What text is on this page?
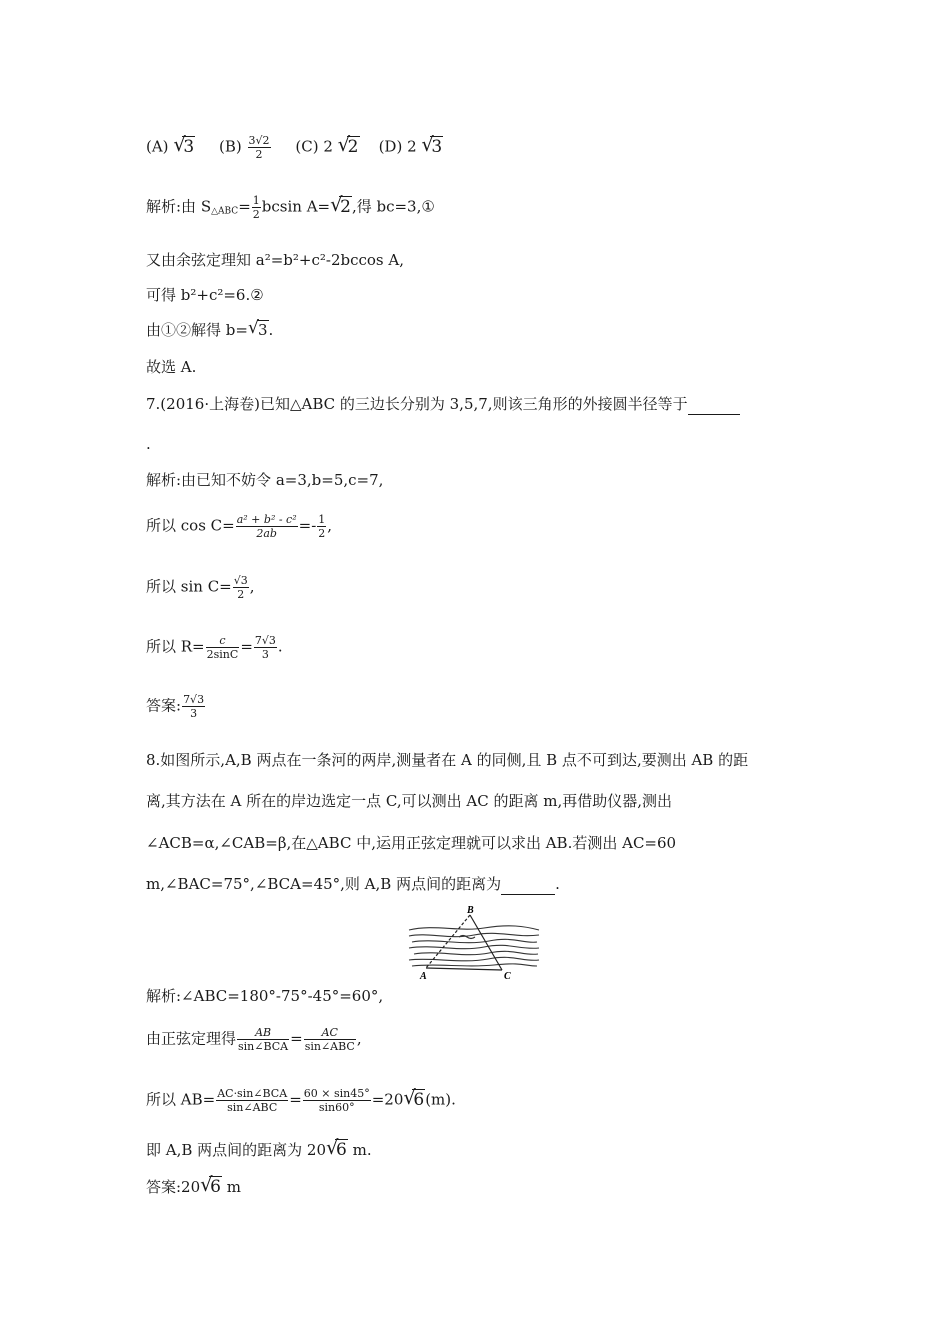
(A) √
3 $(B) \frac{3√2}{2} (C)$ 2 √
2 (D) 2 √
3
解析:由 $S_{\triangle ABC}= \frac{1}{2}$ bcsin A= √
2,得 bc=3,①
又由余弦定理知 a²=b²+c²-2bccos A,
可得 b²+c²=6.②
由①②解得 b= √ 3.
故选 A.
7.(2016·上海卷)已知△ABC 的三边长分别为 3,5,7,则该三角形的外接圆半径等于
.
解析:由已知不妨令 a=3,b=5,c=7,
所以 $\cos C= \frac{\text{a² + b² - c²}}{2ab} =- \frac{1}{2}$ ,
所以 $\sin C= \frac{√3}{2}$ ,
所以 $R= \frac{c}{2\sin C} = \frac{7√3}{3}$ .
答案: $\frac{7√3}{3}$
8.如图所示,A,B 两点在一条河的两岸,测量者在 A 的同侧,且 B 点不可到达,要测出 AB 的距
离,其方法在 A 所在的岸边选定一点 C,可以测出 AC 的距离 m,再借助仪器,测出
∠ACB=α,∠CAB=β,在△ABC 中,运用正弦定理就可以求出 AB.若测出 AC=60
m,∠BAC=75°,∠BCA=45°,则 A,B 两点间的距离为	.
B
A	C
解析:∠ABC=180°-75°-45°=60°,
由正弦定理得 $\frac{AB}{\text{sin∠BCA}} = \frac{AC}{\text{sin∠ABC}}$ ,
所以 $AB= \frac{\text{AC·sin∠BCA}}{\text{sin∠ABC}} = \frac{60 \times \sin 45^\circ}{\sin 60^\circ} =20$ √
6(m).
即 A,B 两点间的距离为 20 √
6 m.
答案:20 √
6 m
